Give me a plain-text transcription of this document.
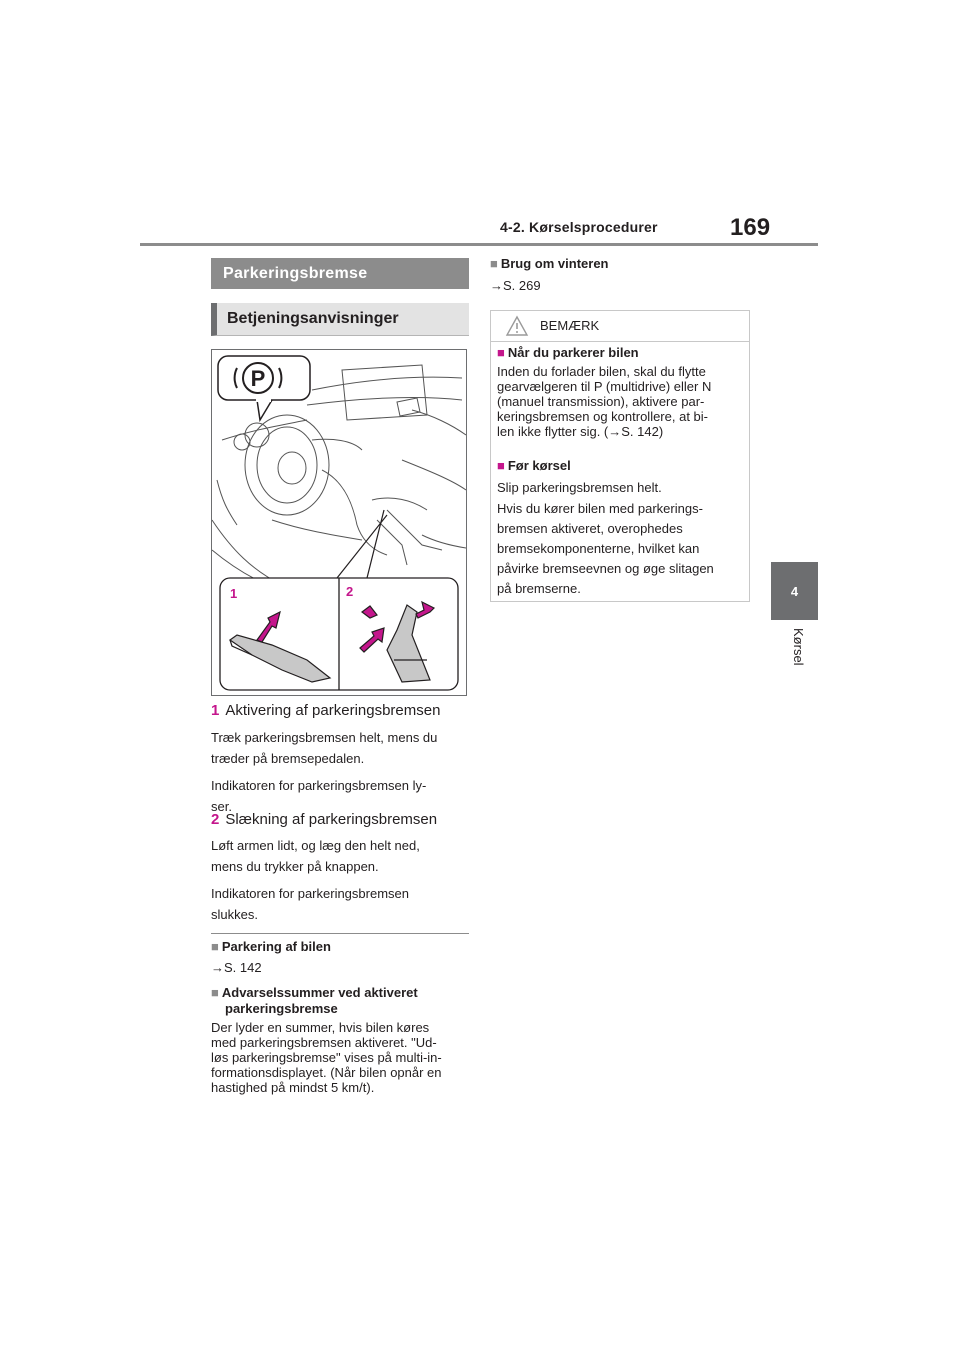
4-2. Kørselsprocedurer	169
4
Kørsel
Parkeringsbremse
Betjeningsanvisninger
P
1	2
1 Aktivering af parkeringsbremsen
Træk parkeringsbremsen helt, mens du
træder på bremsepedalen.
Indikatoren for parkeringsbremsen ly-
ser.
2 Slækning af parkeringsbremsen
Løft armen lidt, og læg den helt ned,
mens du trykker på knappen.
Indikatoren for parkeringsbremsen
slukkes.
■ Parkering af bilen
→S. 142
■ Advarselssummer ved aktiveret
parkeringsbremse
Der lyder en summer, hvis bilen køres
med parkeringsbremsen aktiveret. "Ud-
løs parkeringsbremse" vises på multi-in-
formationsdisplayet. (Når bilen opnår en
hastighed på mindst 5 km/t).
■ Brug om vinteren
→S. 269
BEMÆRK
■ Når du parkerer bilen
Inden du forlader bilen, skal du flytte
gearvælgeren til P (multidrive) eller N
(manuel transmission), aktivere par-
keringsbremsen og kontrollere, at bi-
len ikke flytter sig. (→S. 142)
■ Før kørsel
Slip parkeringsbremsen helt.
Hvis du kører bilen med parkerings-
bremsen aktiveret, overophedes
bremsekomponenterne, hvilket kan
påvirke bremseevnen og øge slitagen
på bremserne.
